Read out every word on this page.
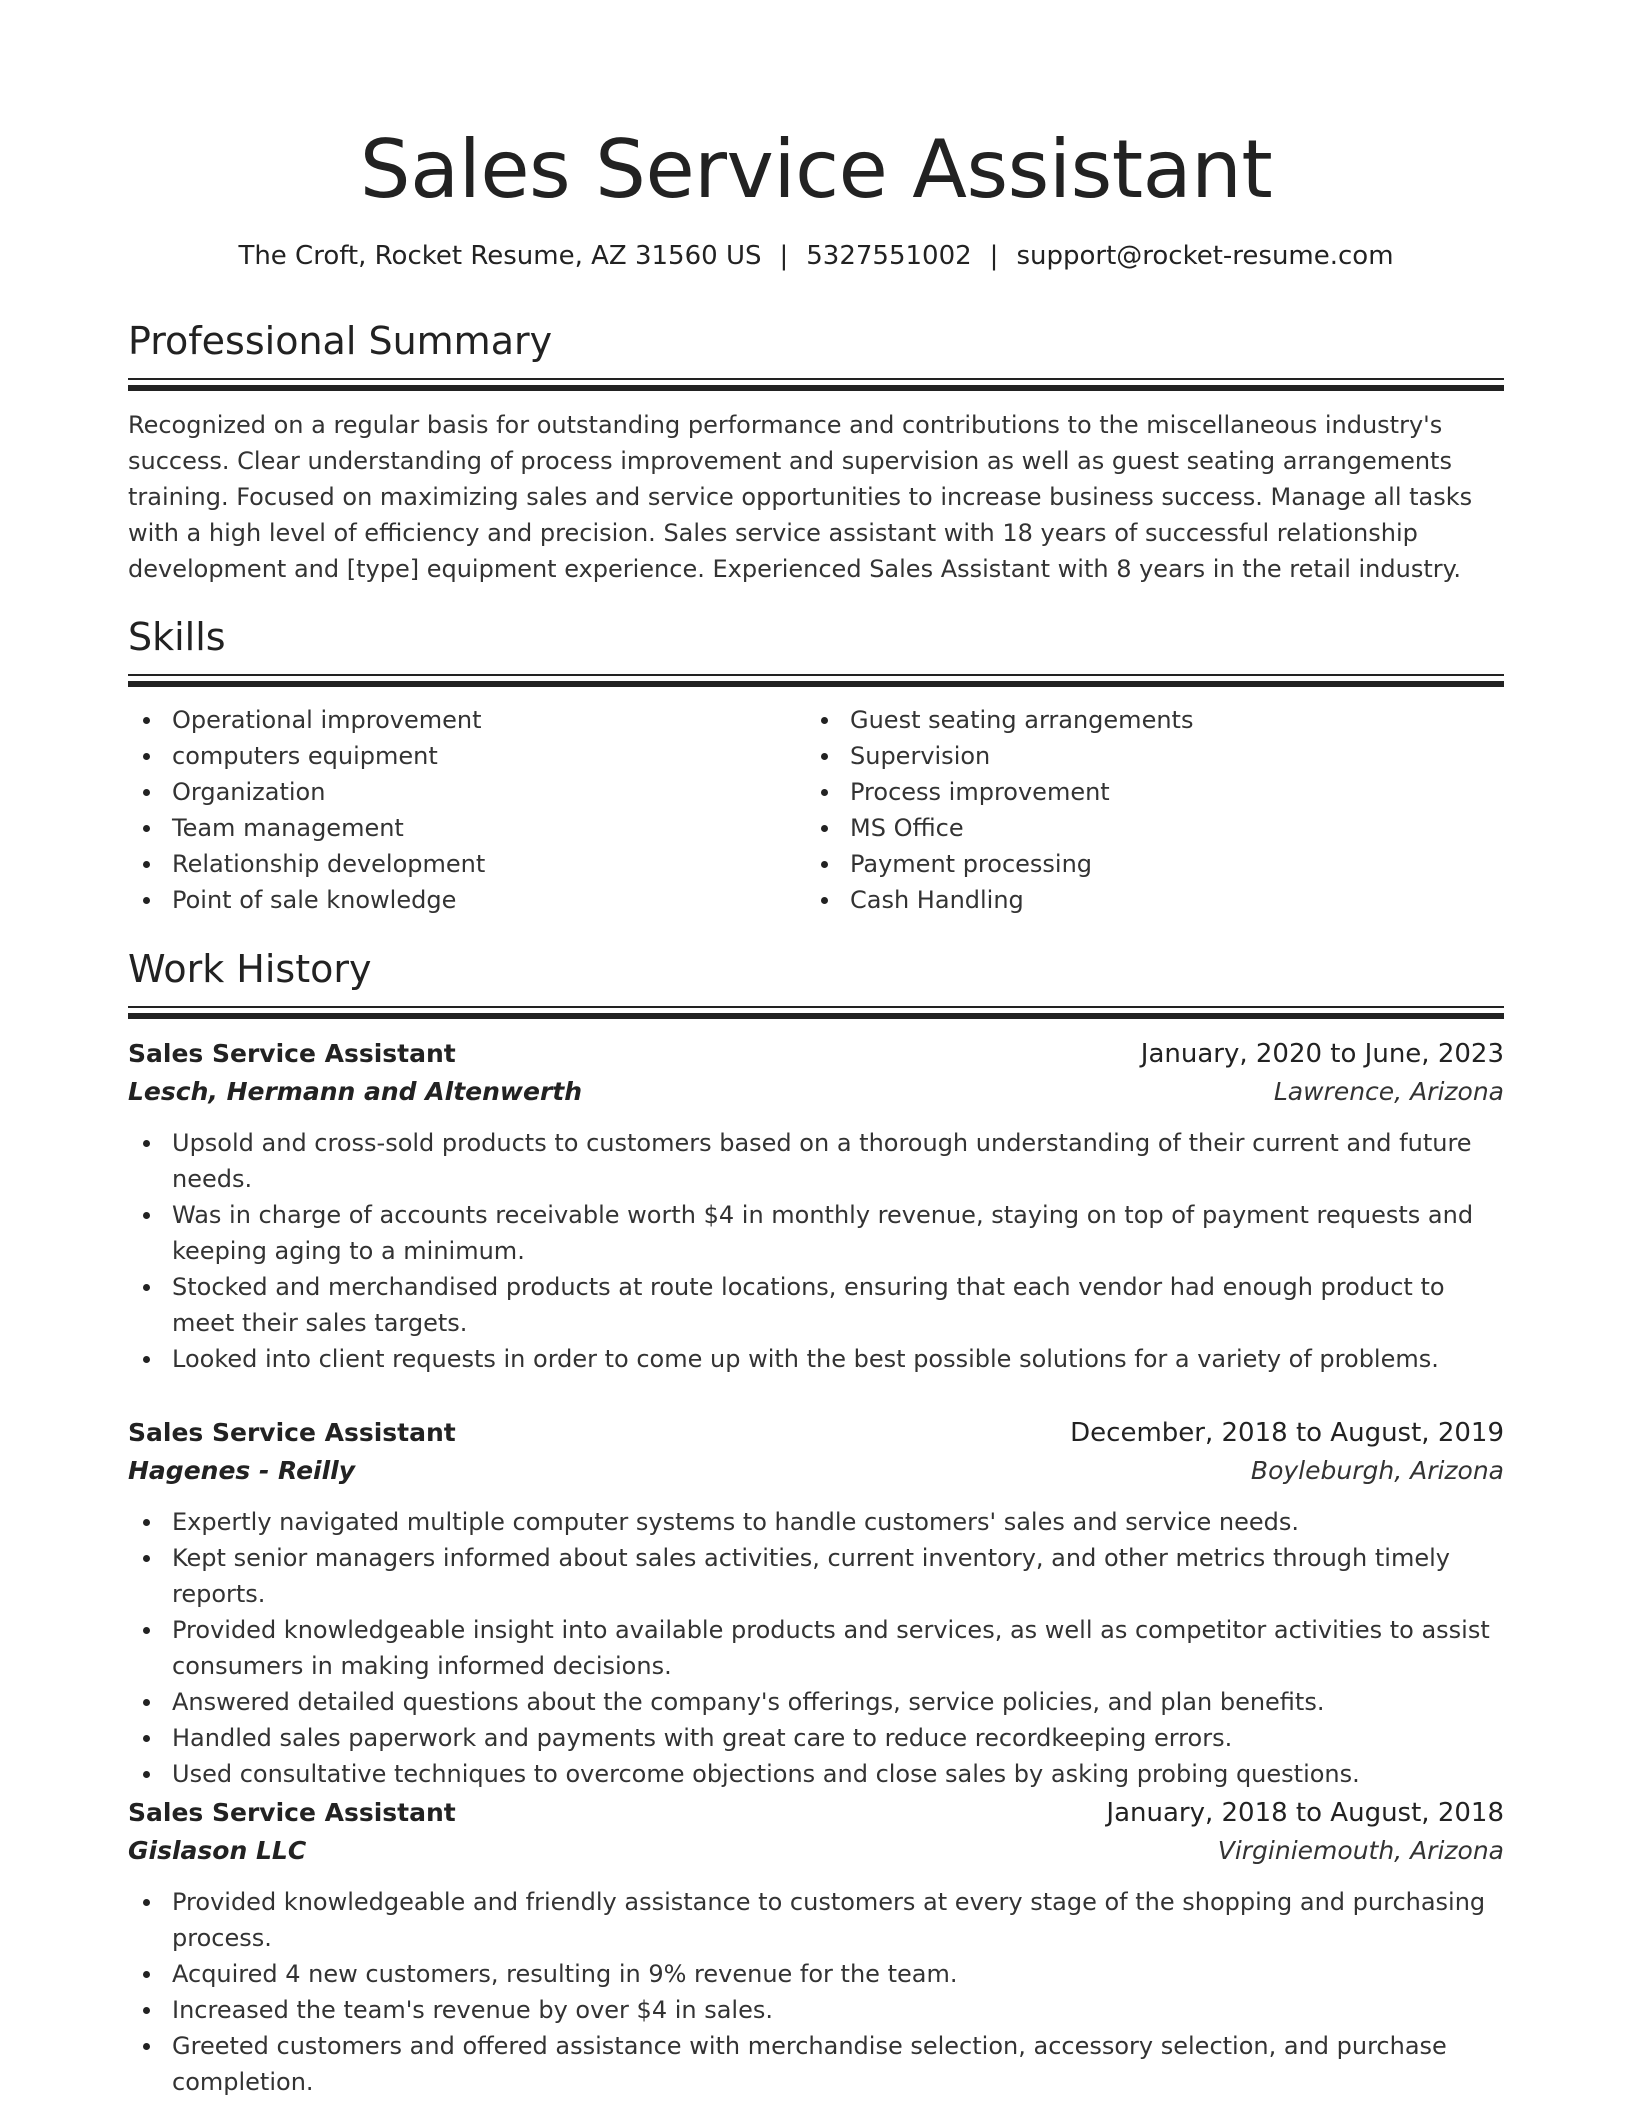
Sales Service Assistant
The Croft, Rocket Resume, AZ 31560 US | 5327551002 | support@rocket-resume.com
Professional Summary

Recognized on a regular basis for outstanding performance and contributions to the miscellaneous industry's success. Clear understanding of process improvement and supervision as well as guest seating arrangements training. Focused on maximizing sales and service opportunities to increase business success. Manage all tasks with a high level of efficiency and precision. Sales service assistant with 18 years of successful relationship development and [type] equipment experience. Experienced Sales Assistant with 8 years in the retail industry.

Skills
Operational improvement
computers equipment
Organization
Team management
Relationship development
Point of sale knowledge
Guest seating arrangements
Supervision
Process improvement
MS Office
Payment processing
Cash Handling
Work History
Sales Service Assistant	January, 2020 to June, 2023
Lesch, Hermann and Altenwerth	Lawrence, Arizona
Upsold and cross-sold products to customers based on a thorough understanding of their current and future needs.
Was in charge of accounts receivable worth $4 in monthly revenue, staying on top of payment requests and keeping aging to a minimum.
Stocked and merchandised products at route locations, ensuring that each vendor had enough product to meet their sales targets.
Looked into client requests in order to come up with the best possible solutions for a variety of problems.
Sales Service Assistant	December, 2018 to August, 2019
Hagenes - Reilly	Boyleburgh, Arizona
Expertly navigated multiple computer systems to handle customers' sales and service needs.
Kept senior managers informed about sales activities, current inventory, and other metrics through timely reports.
Provided knowledgeable insight into available products and services, as well as competitor activities to assist consumers in making informed decisions.
Answered detailed questions about the company's offerings, service policies, and plan benefits.
Handled sales paperwork and payments with great care to reduce recordkeeping errors.
Used consultative techniques to overcome objections and close sales by asking probing questions.
Sales Service Assistant	January, 2018 to August, 2018
Gislason LLC	Virginiemouth, Arizona
Provided knowledgeable and friendly assistance to customers at every stage of the shopping and purchasing process.
Acquired 4 new customers, resulting in 9% revenue for the team.
Increased the team's revenue by over $4 in sales.
Greeted customers and offered assistance with merchandise selection, accessory selection, and purchase completion.
